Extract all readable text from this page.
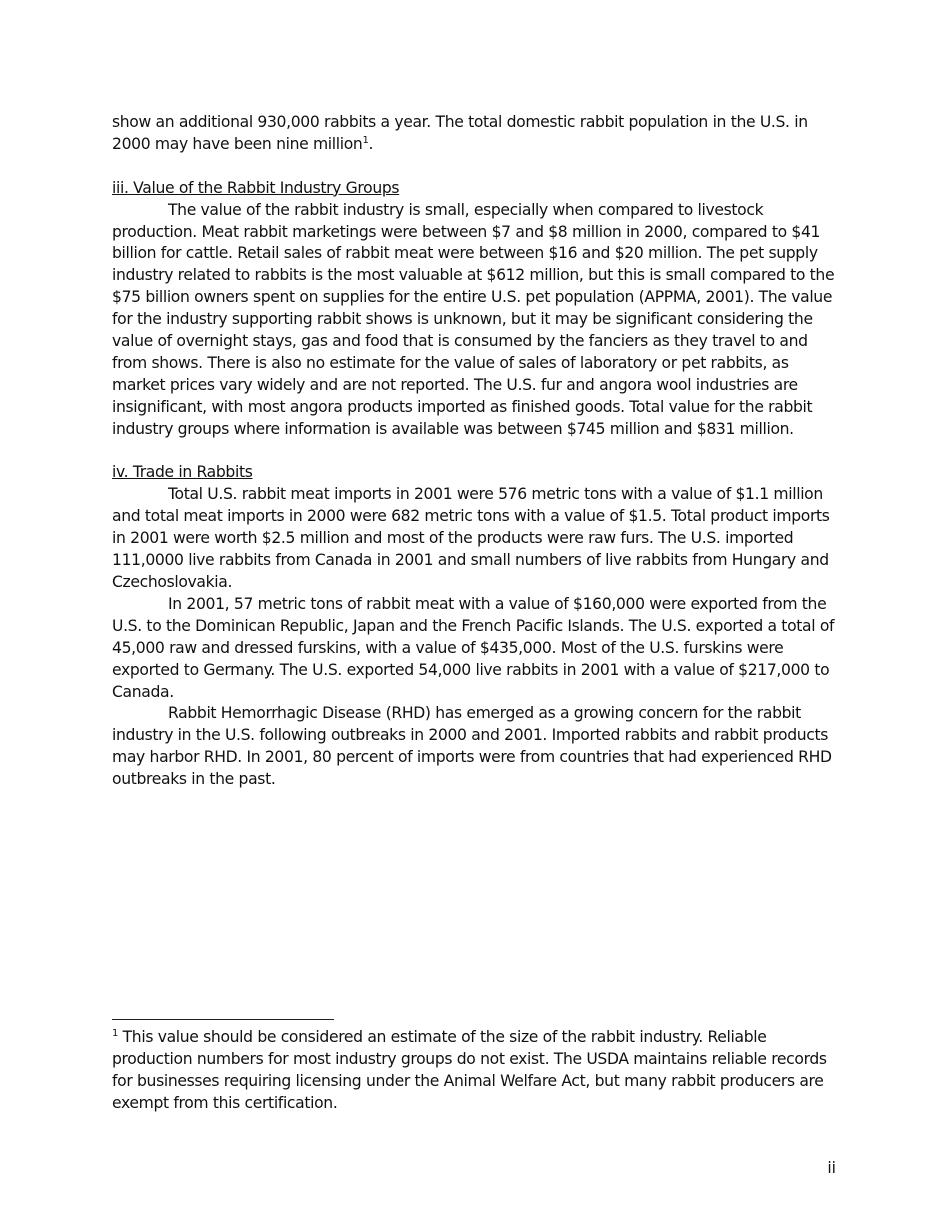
show an additional 930,000 rabbits a year. The total domestic rabbit population in the U.S. in 2000 may have been nine million$^1$.

iii. Value of the Rabbit Industry Groups

The value of the rabbit industry is small, especially when compared to livestock production. Meat rabbit marketings were between $7 and $8 million in 2000, compared to $41 billion for cattle. Retail sales of rabbit meat were between $16 and $20 million. The pet supply industry related to rabbits is the most valuable at $612 million, but this is small compared to the $75 billion owners spent on supplies for the entire U.S. pet population (APPMA, 2001). The value for the industry supporting rabbit shows is unknown, but it may be significant considering the value of overnight stays, gas and food that is consumed by the fanciers as they travel to and from shows. There is also no estimate for the value of sales of laboratory or pet rabbits, as market prices vary widely and are not reported. The U.S. fur and angora wool industries are insignificant, with most angora products imported as finished goods. Total value for the rabbit industry groups where information is available was between $745 million and $831 million.

iv. Trade in Rabbits

Total U.S. rabbit meat imports in 2001 were 576 metric tons with a value of $1.1 million and total meat imports in 2000 were 682 metric tons with a value of $1.5. Total product imports in 2001 were worth $2.5 million and most of the products were raw furs. The U.S. imported 111,0000 live rabbits from Canada in 2001 and small numbers of live rabbits from Hungary and Czechoslovakia.

In 2001, 57 metric tons of rabbit meat with a value of $160,000 were exported from the U.S. to the Dominican Republic, Japan and the French Pacific Islands. The U.S. exported a total of 45,000 raw and dressed furskins, with a value of $435,000. Most of the U.S. furskins were exported to Germany. The U.S. exported 54,000 live rabbits in 2001 with a value of $217,000 to Canada.

Rabbit Hemorrhagic Disease (RHD) has emerged as a growing concern for the rabbit industry in the U.S. following outbreaks in 2000 and 2001. Imported rabbits and rabbit products may harbor RHD. In 2001, 80 percent of imports were from countries that had experienced RHD outbreaks in the past.

$^1$ This value should be considered an estimate of the size of the rabbit industry. Reliable production numbers for most industry groups do not exist. The USDA maintains reliable records for businesses requiring licensing under the Animal Welfare Act, but many rabbit producers are exempt from this certification.

ii
